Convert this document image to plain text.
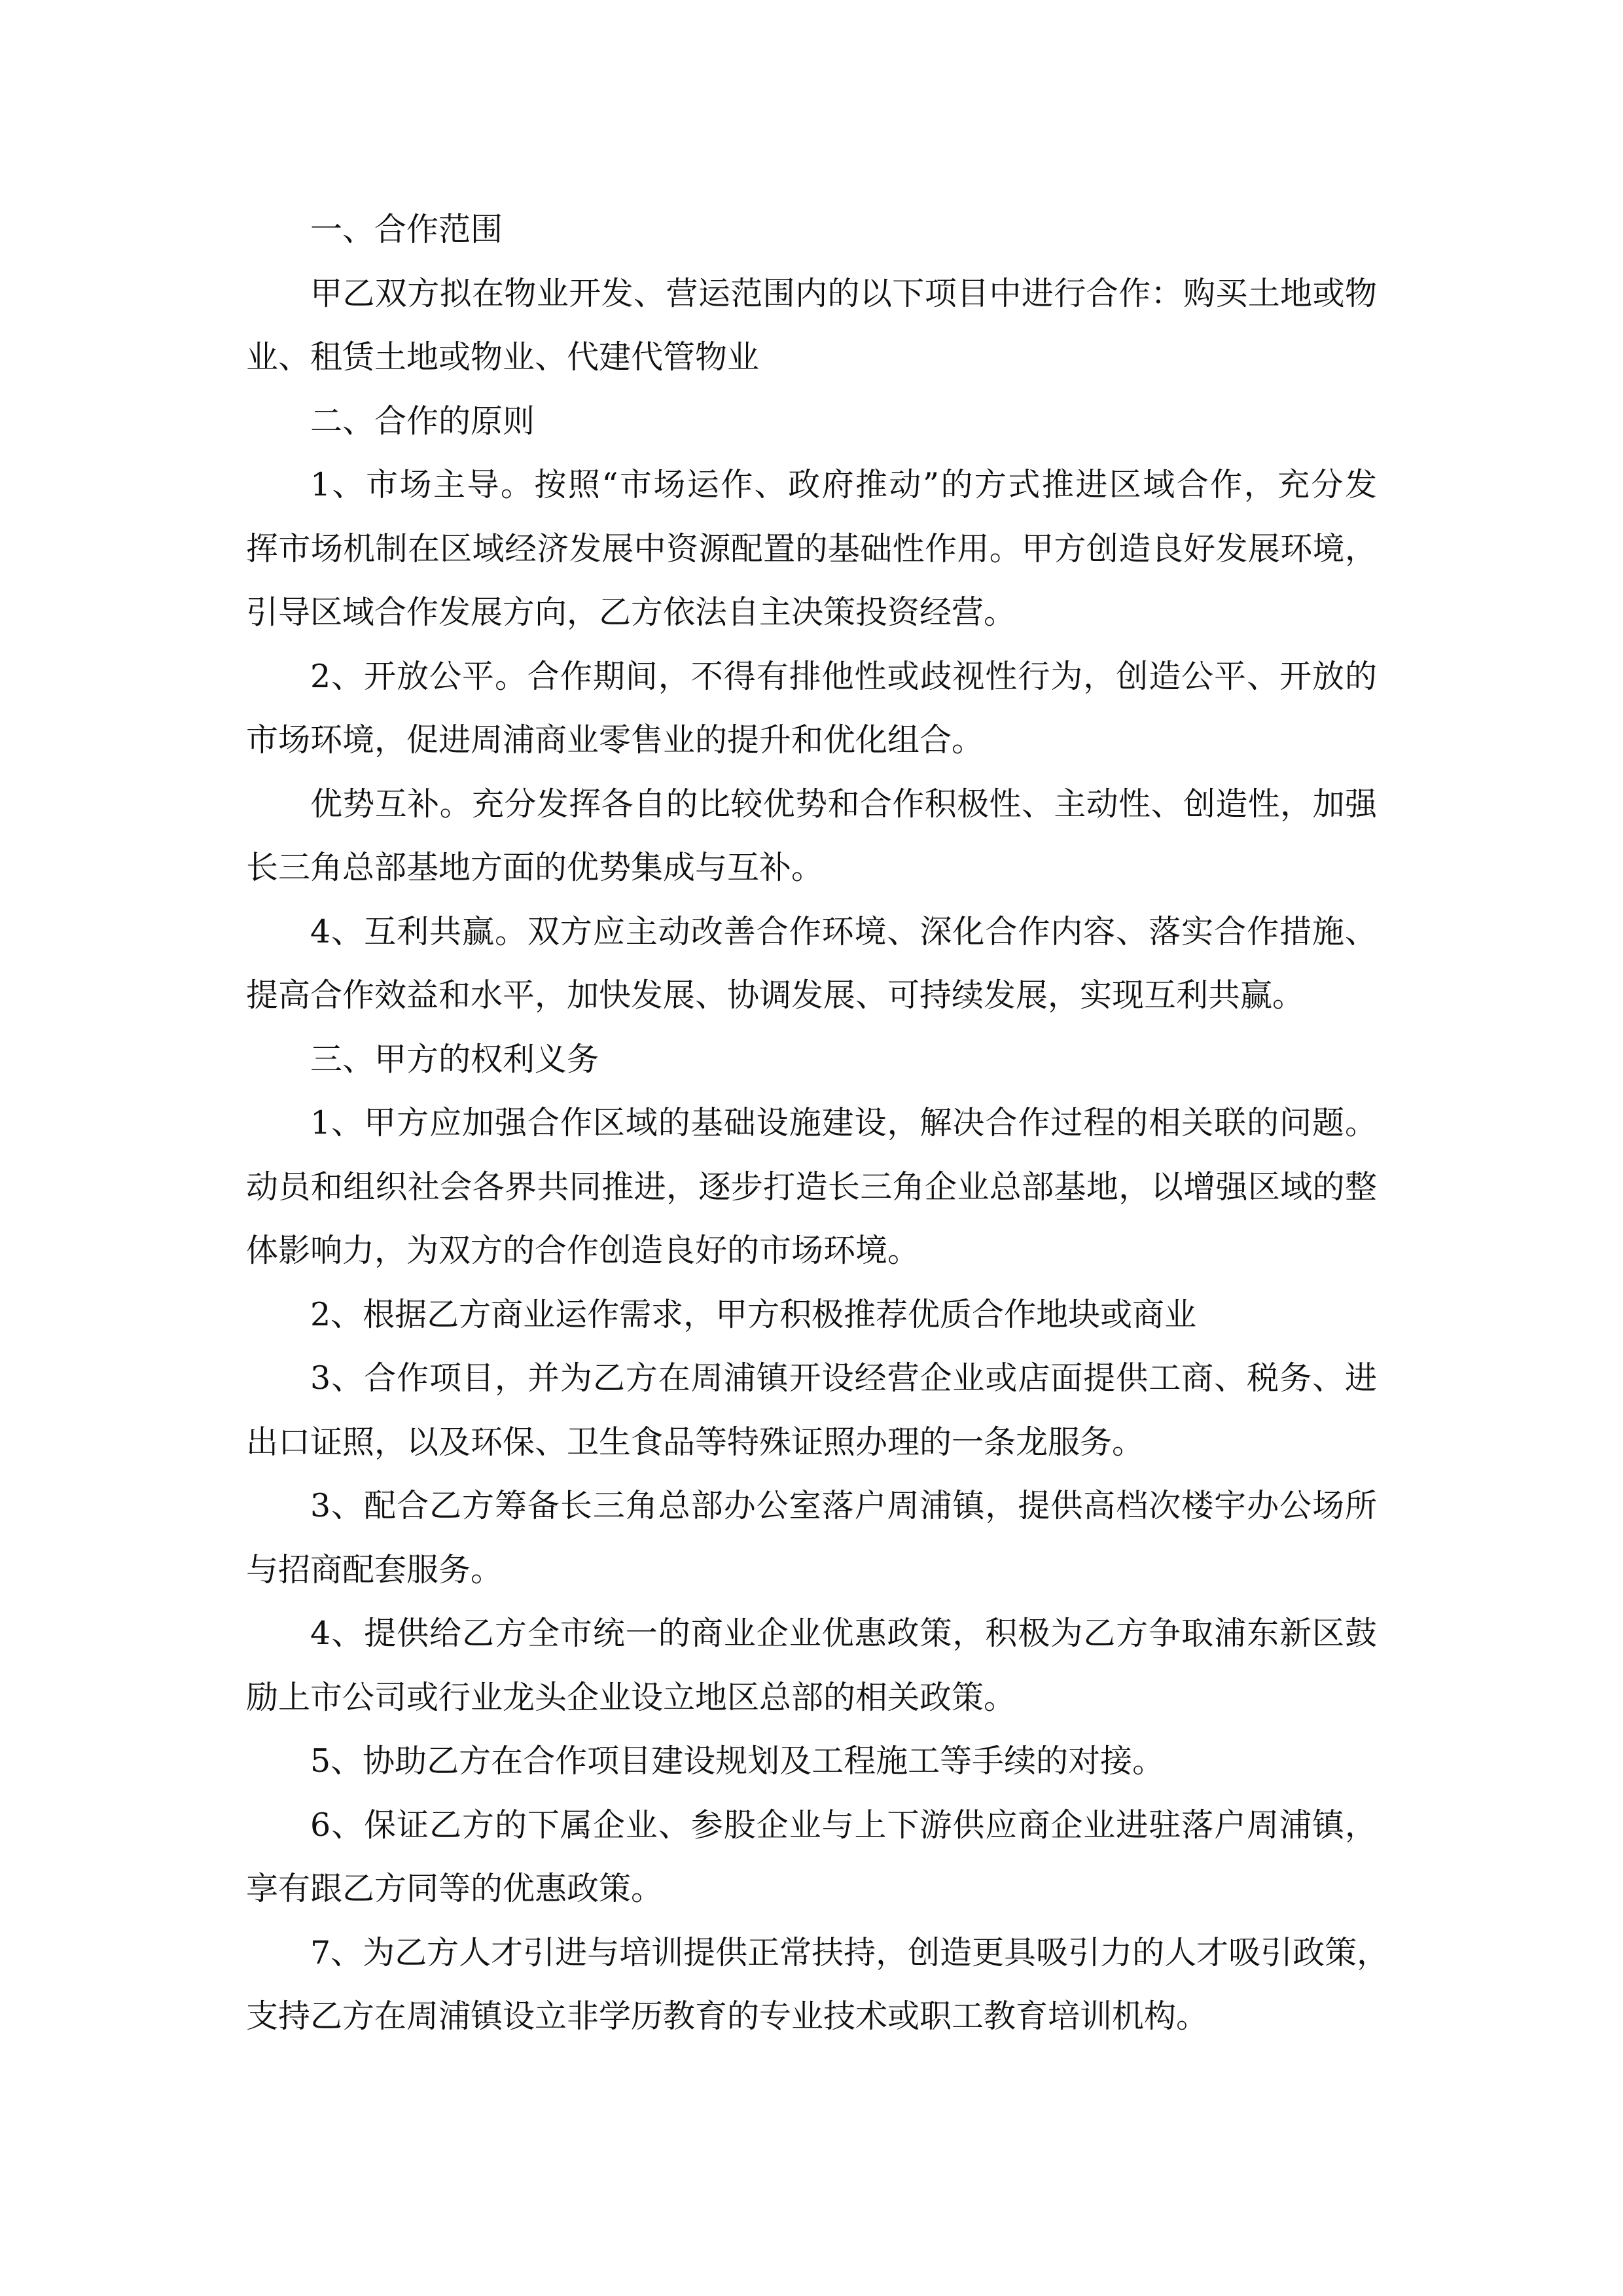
一、合作范围
甲乙双方拟在物业开发、营运范围内的以下项目中进行合作：购买土地或物
业、租赁土地或物业、代建代管物业
二、合作的原则
1、市场主导。按照“市场运作、政府推动”的方式推进区域合作，充分发
挥市场机制在区域经济发展中资源配置的基础性作用。甲方创造良好发展环境，
引导区域合作发展方向，乙方依法自主决策投资经营。
2、开放公平。合作期间，不得有排他性或歧视性行为，创造公平、开放的
市场环境，促进周浦商业零售业的提升和优化组合。
优势互补。充分发挥各自的比较优势和合作积极性、主动性、创造性，加强
长三角总部基地方面的优势集成与互补。
4、互利共赢。双方应主动改善合作环境、深化合作内容、落实合作措施、
提高合作效益和水平，加快发展、协调发展、可持续发展，实现互利共赢。
三、甲方的权利义务
1、甲方应加强合作区域的基础设施建设，解决合作过程的相关联的问题。
动员和组织社会各界共同推进，逐步打造长三角企业总部基地，以增强区域的整
体影响力，为双方的合作创造良好的市场环境。
2、根据乙方商业运作需求，甲方积极推荐优质合作地块或商业
3、合作项目，并为乙方在周浦镇开设经营企业或店面提供工商、税务、进
出口证照，以及环保、卫生食品等特殊证照办理的一条龙服务。
3、配合乙方筹备长三角总部办公室落户周浦镇，提供高档次楼宇办公场所
与招商配套服务。
4、提供给乙方全市统一的商业企业优惠政策，积极为乙方争取浦东新区鼓
励上市公司或行业龙头企业设立地区总部的相关政策。
5、协助乙方在合作项目建设规划及工程施工等手续的对接。
6、保证乙方的下属企业、参股企业与上下游供应商企业进驻落户周浦镇，
享有跟乙方同等的优惠政策。
7、为乙方人才引进与培训提供正常扶持，创造更具吸引力的人才吸引政策，
支持乙方在周浦镇设立非学历教育的专业技术或职工教育培训机构。
